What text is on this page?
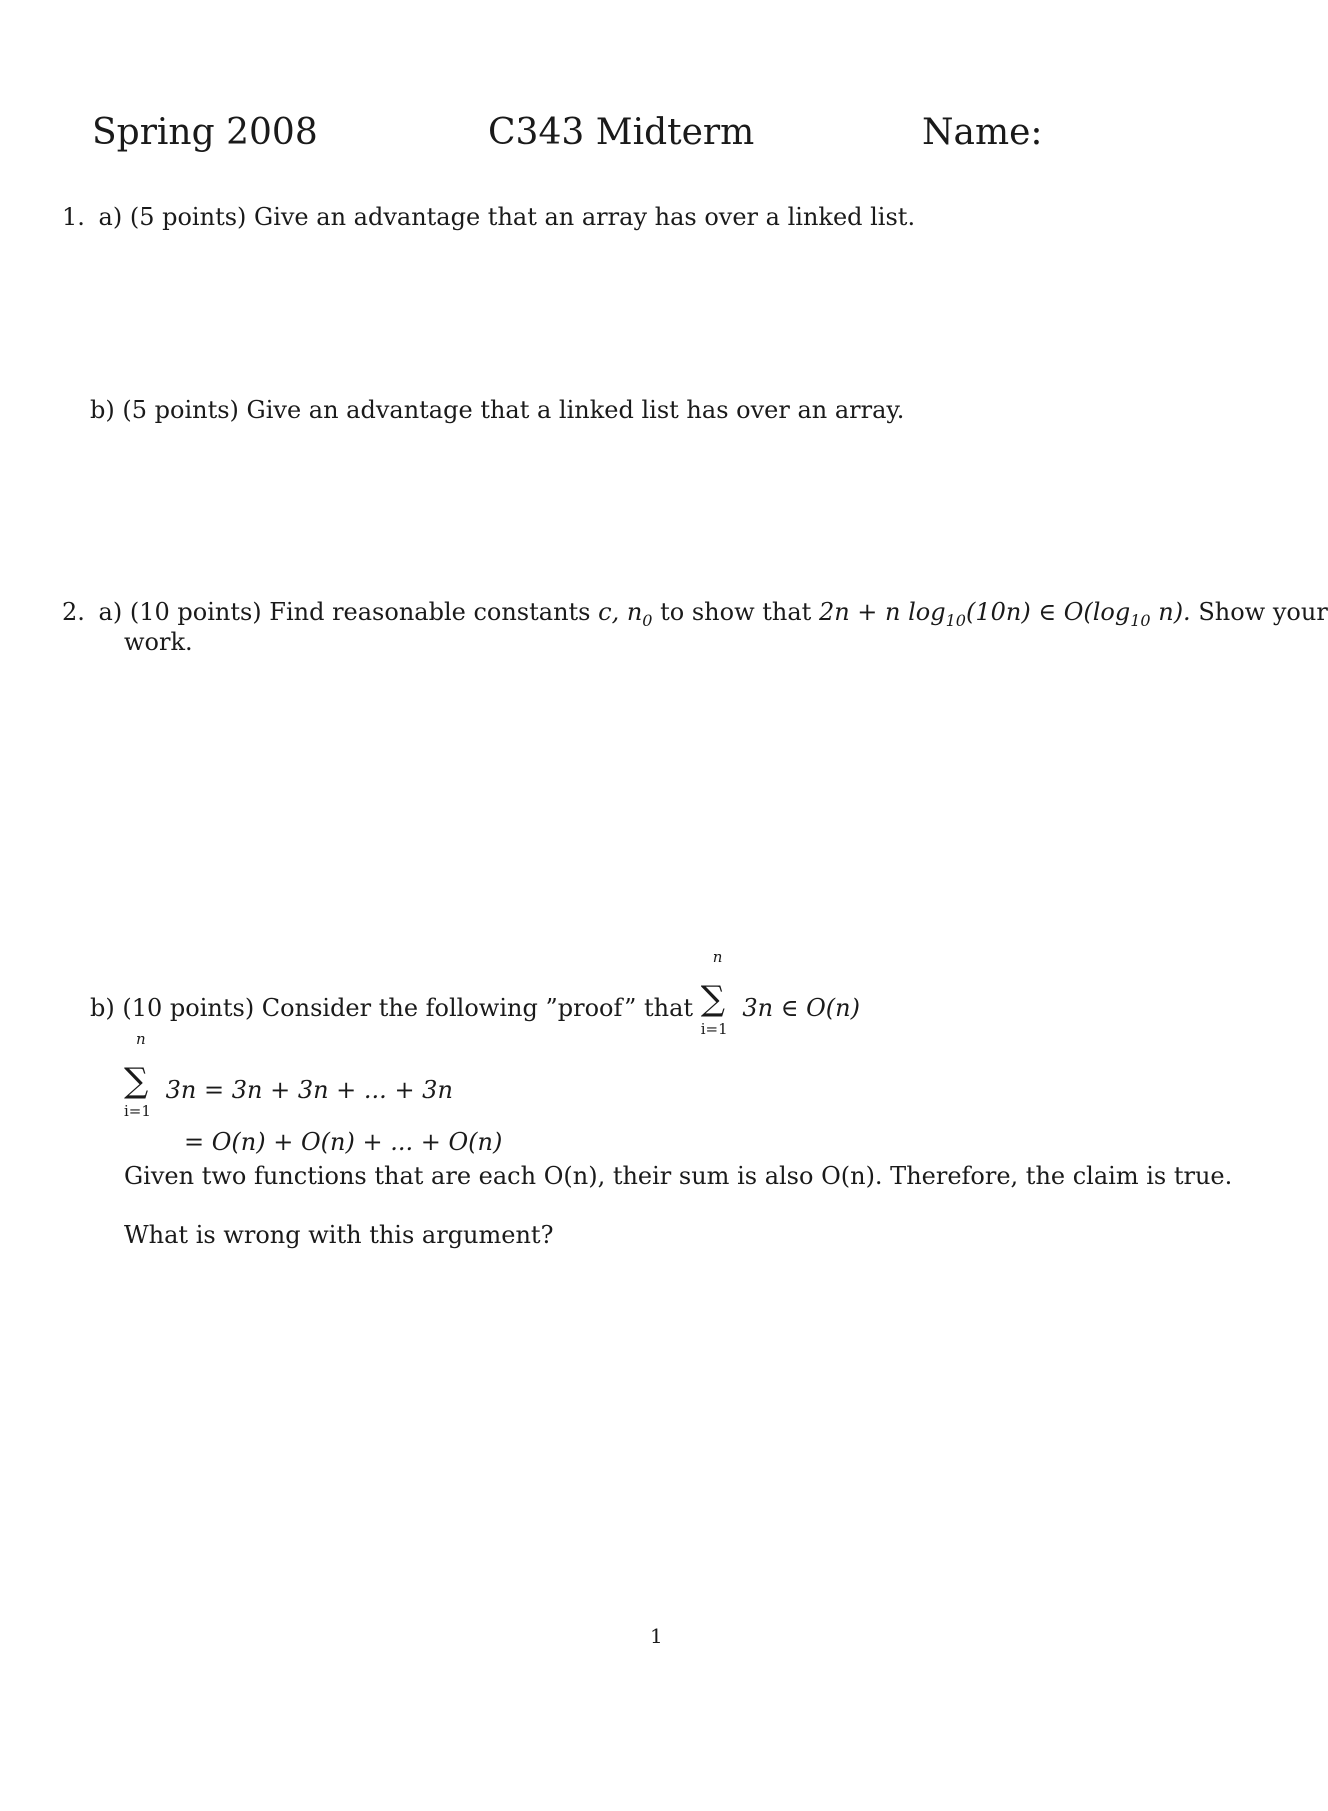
Spring 2008	C343 Midterm	Name:
1. a) (5 points) Give an advantage that an array has over a linked list.
b) (5 points) Give an advantage that a linked list has over an array.
2. a) (10 points) Find reasonable constants c, $n_0$ to show that 2n + n $\log_{10}(10n)$ ∈ $O(\log_{10}$ n). Show your
work.
b) (10 points) Consider the following ”proof” that ∑
n
i=1
3n ∈ O(n)
∑
n
i=1
3n = 3n + 3n + ... + 3n
= O(n) + O(n) + ... + O(n)
Given two functions that are each O(n), their sum is also O(n). Therefore, the claim is true.
What is wrong with this argument?
1
